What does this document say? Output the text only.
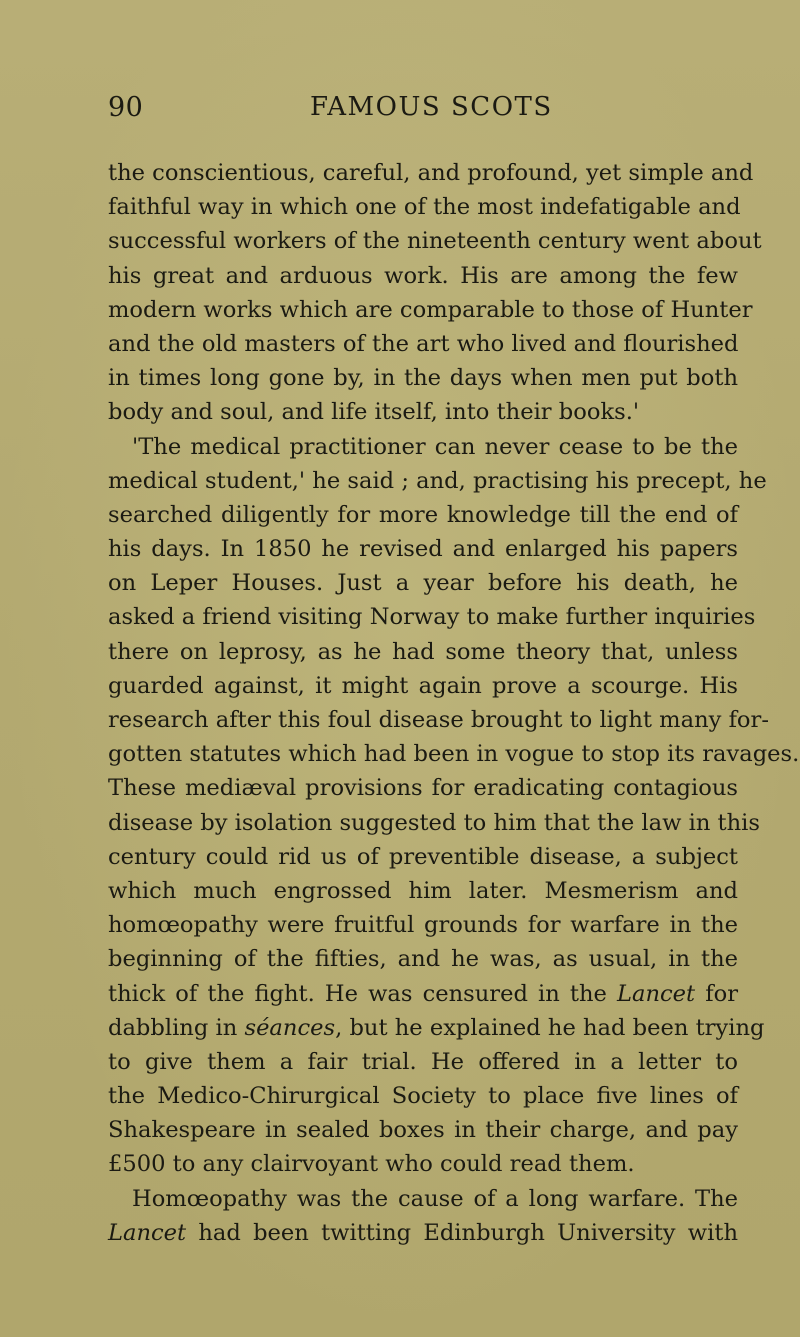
90	FAMOUS SCOTS
the conscientious, careful, and profound, yet simple and
faithful way in which one of the most indefatigable and
successful workers of the nineteenth century went about
his great and arduous work. His are among the few
modern works which are comparable to those of Hunter
and the old masters of the art who lived and flourished
in times long gone by, in the days when men put both
body and soul, and life itself, into their books.'
'The medical practitioner can never cease to be the
medical student,' he said ; and, practising his precept, he
searched diligently for more knowledge till the end of
his days. In 1850 he revised and enlarged his papers
on Leper Houses. Just a year before his death, he
asked a friend visiting Norway to make further inquiries
there on leprosy, as he had some theory that, unless
guarded against, it might again prove a scourge. His
research after this foul disease brought to light many for-
gotten statutes which had been in vogue to stop its ravages.
These mediæval provisions for eradicating contagious
disease by isolation suggested to him that the law in this
century could rid us of preventible disease, a subject
which much engrossed him later. Mesmerism and
homœopathy were fruitful grounds for warfare in the
beginning of the fifties, and he was, as usual, in the
thick of the fight. He was censured in the Lancet for
dabbling in séances, but he explained he had been trying
to give them a fair trial. He offered in a letter to
the Medico-Chirurgical Society to place five lines of
Shakespeare in sealed boxes in their charge, and pay
£500 to any clairvoyant who could read them.
Homœopathy was the cause of a long warfare. The
Lancet had been twitting Edinburgh University with
